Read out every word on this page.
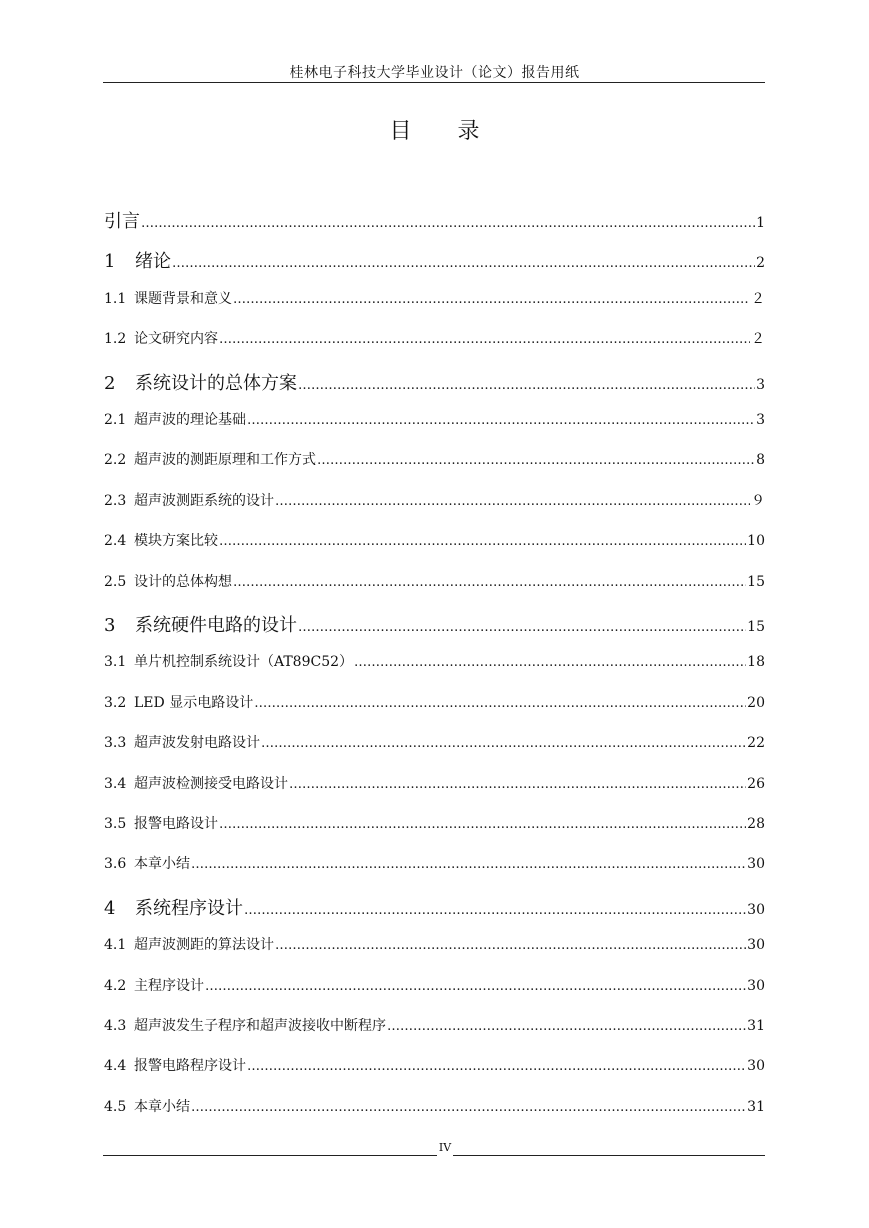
桂林电子科技大学毕业设计（论文）报告用纸
目录
引言 …………………………………………………………………………………………………………………………………………………………………………………………	1
1	绪论 …………………………………………………………………………………………………………………………………………………………………………………………	2
1.1 课题背景和意义 …………………………………………………………………………………………………………………………………………………………………………………………	２
1.2 论文研究内容 …………………………………………………………………………………………………………………………………………………………………………………………	２
2	系统设计的总体方案 …………………………………………………………………………………………………………………………………………………………………………………………	3
2.1 超声波的理论基础 …………………………………………………………………………………………………………………………………………………………………………………………	3
2.2 超声波的测距原理和工作方式 …………………………………………………………………………………………………………………………………………………………………………………………	8
2.3 超声波测距系统的设计 …………………………………………………………………………………………………………………………………………………………………………………………	９
2.4 模块方案比较 …………………………………………………………………………………………………………………………………………………………………………………………	10
2.5 设计的总体构想 …………………………………………………………………………………………………………………………………………………………………………………………	15
3	系统硬件电路的设计 …………………………………………………………………………………………………………………………………………………………………………………………	15
3.1 单片机控制系统设计（AT89C52） …………………………………………………………………………………………………………………………………………………………………………………………	18
3.2 LED 显示电路设计 …………………………………………………………………………………………………………………………………………………………………………………………	20
3.3 超声波发射电路设计 …………………………………………………………………………………………………………………………………………………………………………………………	22
3.4 超声波检测接受电路设计 …………………………………………………………………………………………………………………………………………………………………………………………	26
3.5 报警电路设计 …………………………………………………………………………………………………………………………………………………………………………………………	28
3.6 本章小结 …………………………………………………………………………………………………………………………………………………………………………………………	30
4	系统程序设计 …………………………………………………………………………………………………………………………………………………………………………………………	30
4.1 超声波测距的算法设计 …………………………………………………………………………………………………………………………………………………………………………………………	30
4.2 主程序设计 …………………………………………………………………………………………………………………………………………………………………………………………	30
4.3 超声波发生子程序和超声波接收中断程序 …………………………………………………………………………………………………………………………………………………………………………………………	31
4.4 报警电路程序设计 …………………………………………………………………………………………………………………………………………………………………………………………	30
4.5 本章小结 …………………………………………………………………………………………………………………………………………………………………………………………	31
IV
